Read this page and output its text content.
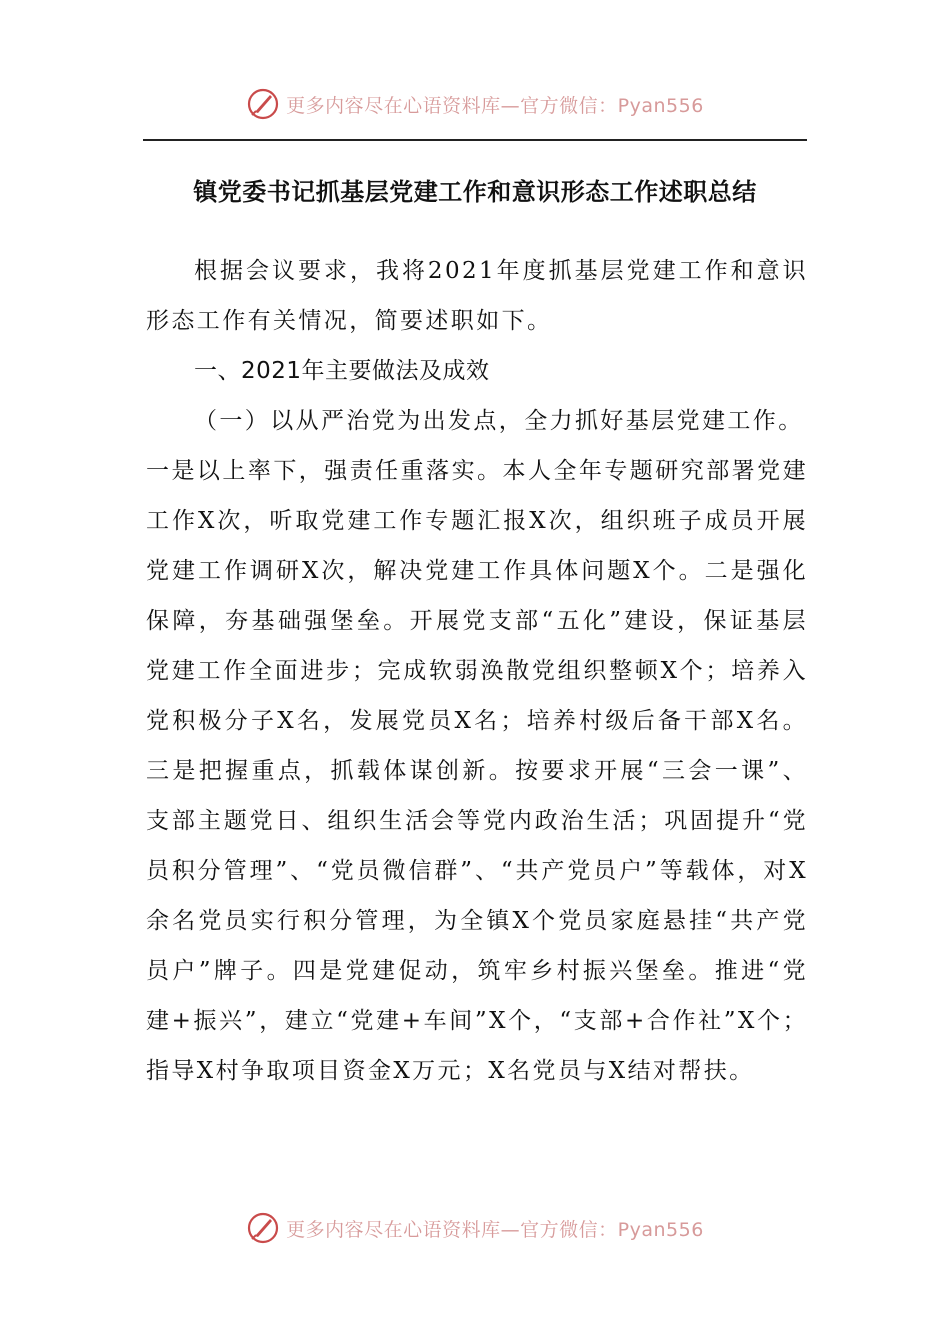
更多内容尽在心语资料库—官方微信：Pyan556
镇党委书记抓基层党建工作和意识形态工作述职总结
根据会议要求，我将2021年度抓基层党建工作和意识形态工作有关情况，简要述职如下。
一、2021年主要做法及成效
（一）以从严治党为出发点，全力抓好基层党建工作。
一是以上率下，强责任重落实。本人全年专题研究部署党建工作X次，听取党建工作专题汇报X次，组织班子成员开展党建工作调研X次，解决党建工作具体问题X个。二是强化保障，夯基础强堡垒。开展党支部“五化”建设，保证基层党建工作全面进步；完成软弱涣散党组织整顿X个；培养入党积极分子X名，发展党员X名；培养村级后备干部X名。三是把握重点，抓载体谋创新。按要求开展“三会一课”、支部主题党日、组织生活会等党内政治生活；巩固提升“党员积分管理”、“党员微信群”、“共产党员户”等载体，对X余名党员实行积分管理，为全镇X个党员家庭悬挂“共产党员户”牌子。四是党建促动，筑牢乡村振兴堡垒。推进“党建+振兴”，建立“党建+车间”X个，“支部+合作社”X个；指导X村争取项目资金X万元；X名党员与X结对帮扶。
更多内容尽在心语资料库—官方微信：Pyan556
